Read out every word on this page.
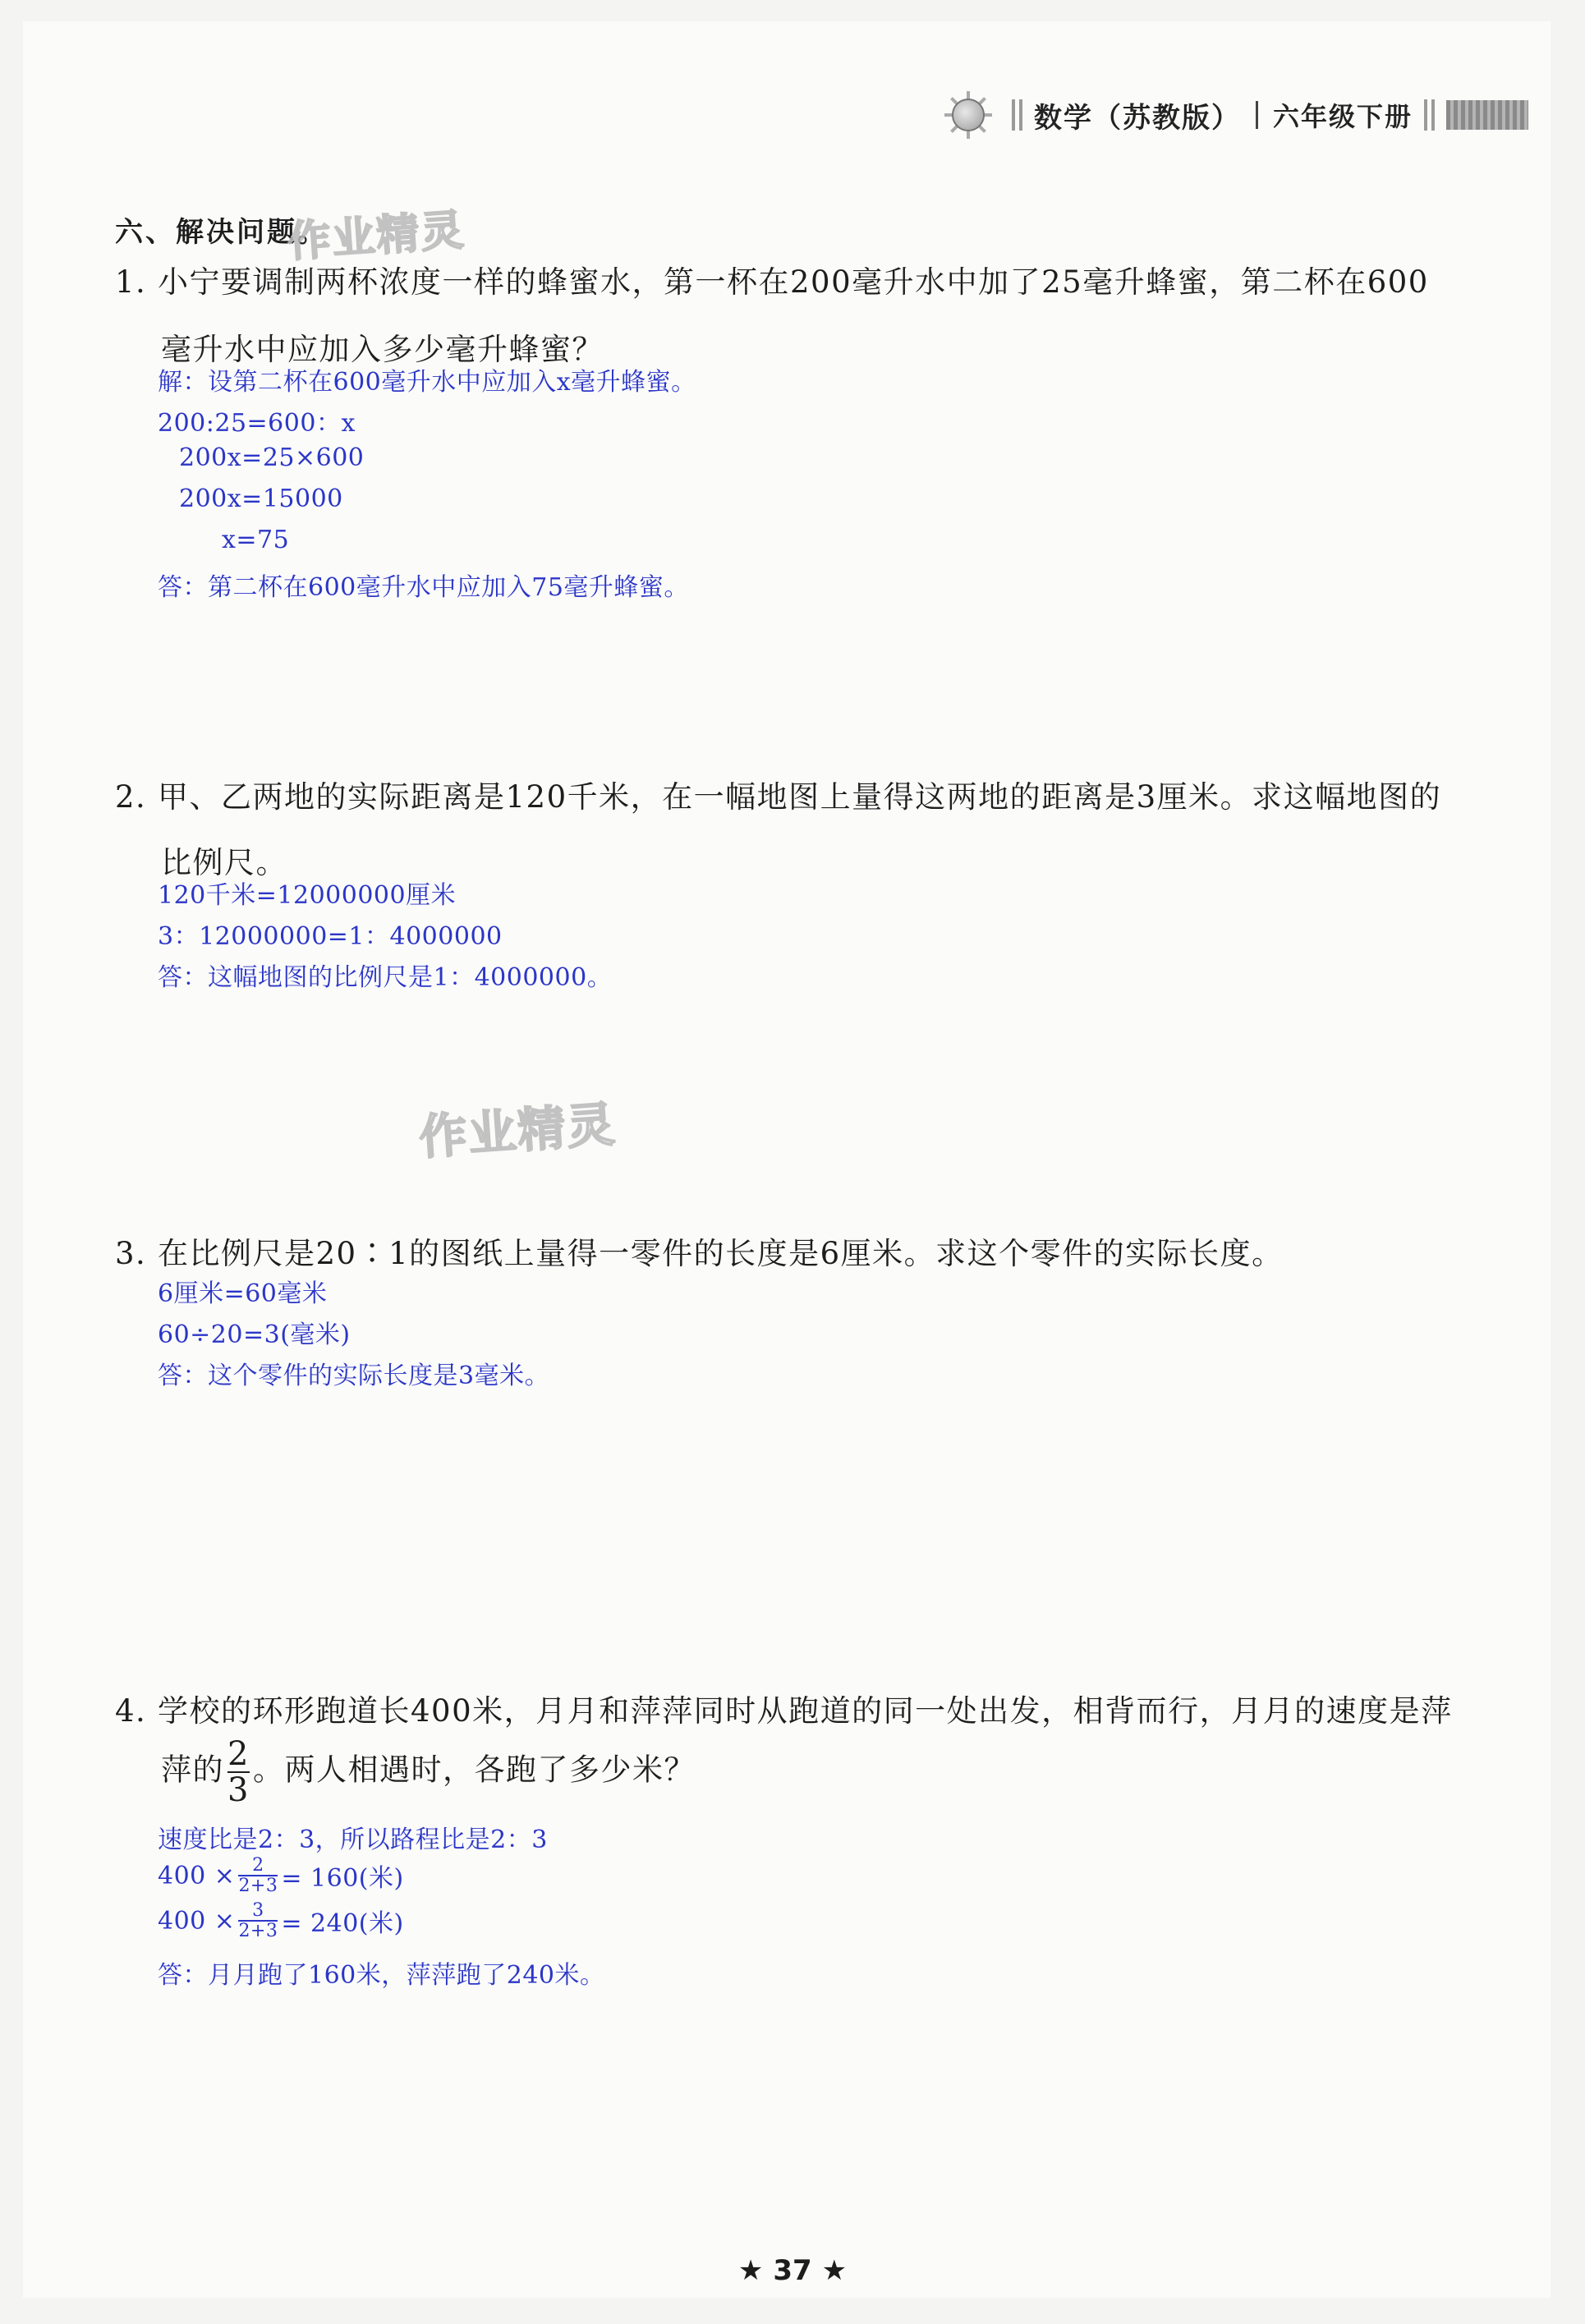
数学（苏教版） 六年级下册
六、解决问题。
作业精灵
作业精灵
1. 小宁要调制两杯浓度一样的蜂蜜水，第一杯在200毫升水中加了25毫升蜂蜜，第二杯在600
毫升水中应加入多少毫升蜂蜜？
解：设第二杯在600毫升水中应加入x毫升蜂蜜。
200:25=600：x
200x=25×600
200x=15000
x=75
答：第二杯在600毫升水中应加入75毫升蜂蜜。
2. 甲、乙两地的实际距离是120千米，在一幅地图上量得这两地的距离是3厘米。求这幅地图的
比例尺。
120千米=12000000厘米
3：12000000=1：4000000
答：这幅地图的比例尺是1：4000000。
3. 在比例尺是20∶1的图纸上量得一零件的长度是6厘米。求这个零件的实际长度。
6厘米=60毫米
60÷20=3(毫米)
答：这个零件的实际长度是3毫米。
4. 学校的环形跑道长400米，月月和萍萍同时从跑道的同一处出发，相背而行，月月的速度是萍
萍的 $\frac{2}{3}$ 。两人相遇时，各跑了多少米？
速度比是2：3，所以路程比是2：3
$400 \times \frac{2}{2+3} = 160$(米)
$400 \times \frac{3}{2+3} = 240$(米)
答：月月跑了160米，萍萍跑了240米。
★ 37 ★
